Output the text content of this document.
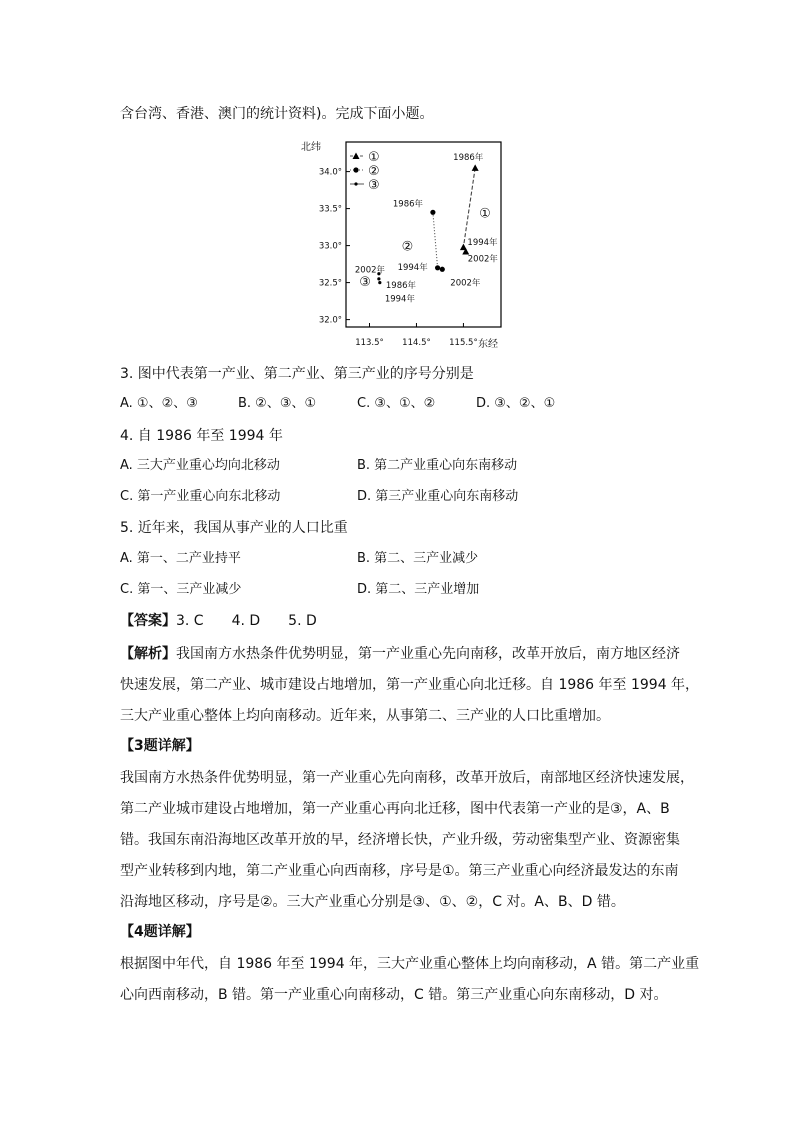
含台湾、香港、澳门的统计资料)。完成下面小题。
北纬
东经
34.0°
33.5°
33.0°
32.5°
32.0°
113.5° 114.5° 115.5°
①
②
③
1986年
1994年
2002年
1986年
1994年
2002年
2002年
1986年
1994年
①
②
③
3. 图中代表第一产业、第二产业、第三产业的序号分别是
A. ①、②、③	B. ②、③、①	C. ③、①、②	D. ③、②、①
4. 自 1986 年至 1994 年
A. 三大产业重心均向北移动	B. 第二产业重心向东南移动
C. 第一产业重心向东北移动	D. 第三产业重心向东南移动
5. 近年来，我国从事产业的人口比重
A. 第一、二产业持平	B. 第二、三产业减少
C. 第一、三产业减少	D. 第二、三产业增加
【答案】3. C　　4. D　　5. D
【解析】我国南方水热条件优势明显，第一产业重心先向南移，改革开放后，南方地区经济
快速发展，第二产业、城市建设占地增加，第一产业重心向北迁移。自 1986 年至 1994 年，
三大产业重心整体上均向南移动。近年来，从事第二、三产业的人口比重增加。
【3题详解】
我国南方水热条件优势明显，第一产业重心先向南移，改革开放后，南部地区经济快速发展，
第二产业城市建设占地增加，第一产业重心再向北迁移，图中代表第一产业的是③，A、B
错。我国东南沿海地区改革开放的早，经济增长快，产业升级，劳动密集型产业、资源密集
型产业转移到内地，第二产业重心向西南移，序号是①。第三产业重心向经济最发达的东南
沿海地区移动，序号是②。三大产业重心分别是③、①、②，C 对。A、B、D 错。
【4题详解】
根据图中年代，自 1986 年至 1994 年，三大产业重心整体上均向南移动，A 错。第二产业重
心向西南移动，B 错。第一产业重心向南移动，C 错。第三产业重心向东南移动，D 对。
